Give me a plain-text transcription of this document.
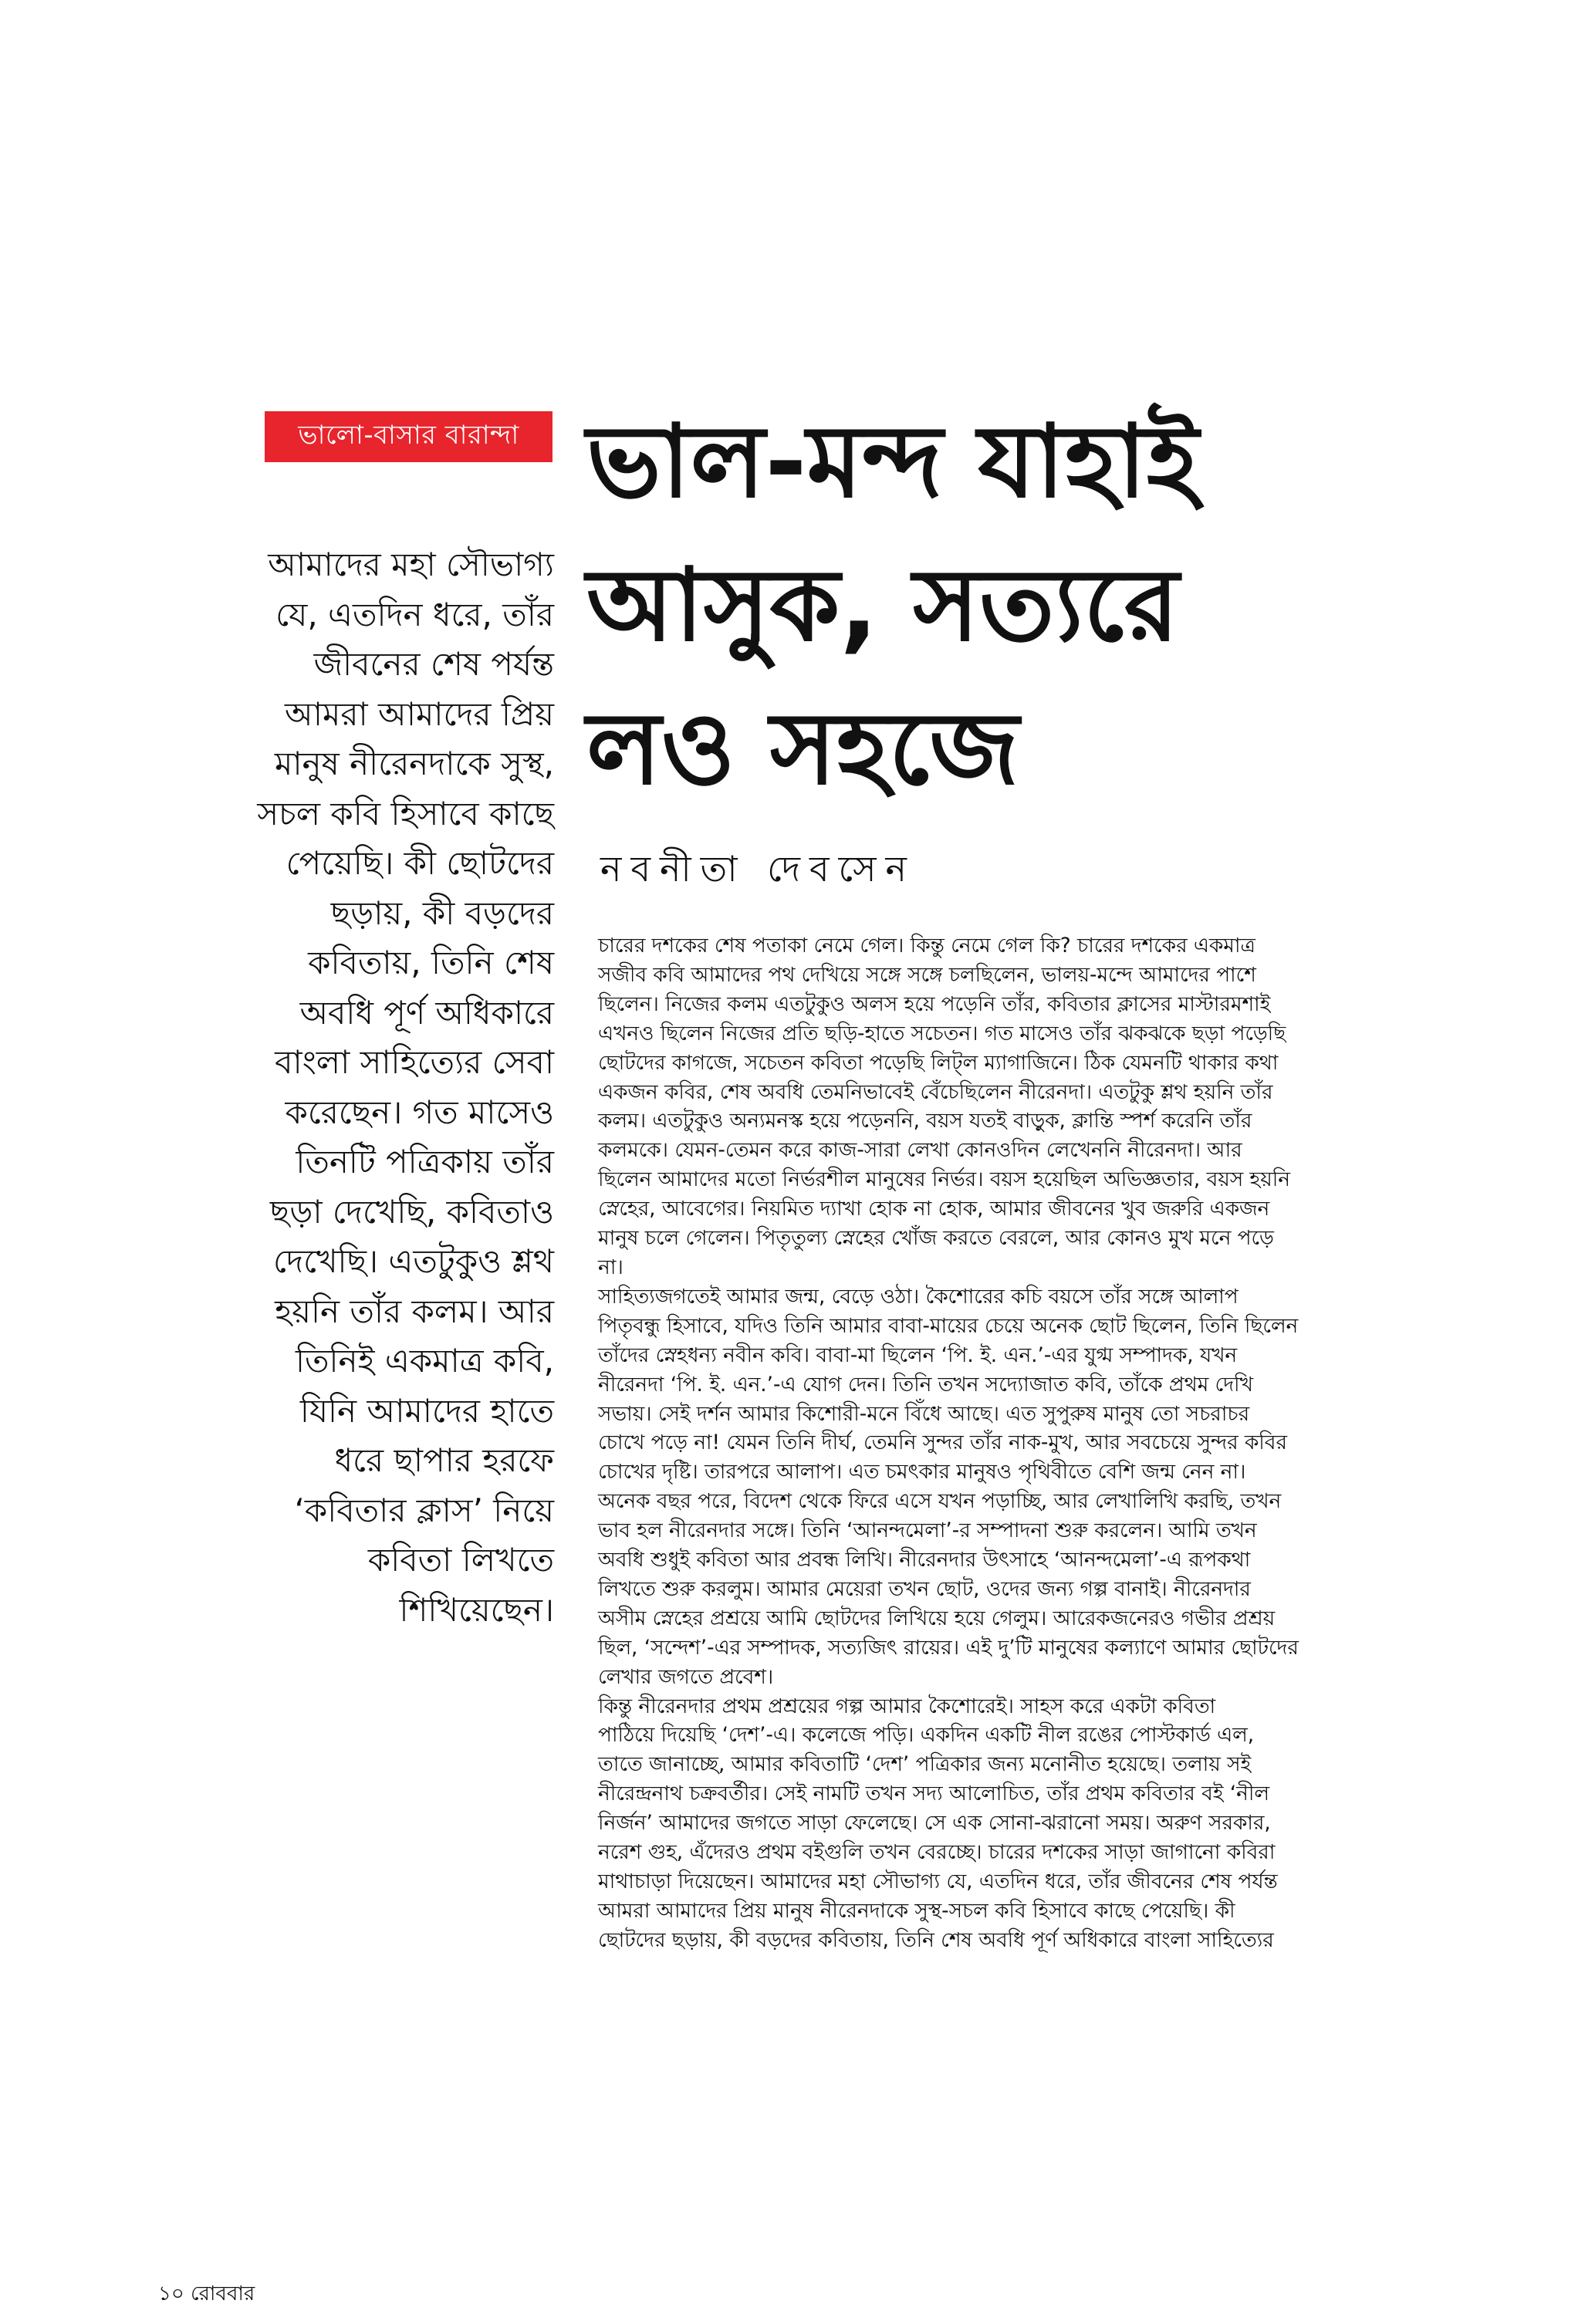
ভালো-বাসার বারান্দা ভাল-মন্দ যাহাই
আসুক, সত্যরে
লও সহজে
নবনীতা দেবসেন
আমাদের মহা সৌভাগ্য
যে, এতদিন ধরে, তাঁর
জীবনের শেষ পর্যন্ত
আমরা আমাদের প্রিয়
মানুষ নীরেনদাকে সুস্থ,
সচল কবি হিসাবে কাছে
পেয়েছি। কী ছোটদের
ছড়ায়, কী বড়দের
কবিতায়, তিনি শেষ
অবধি পূর্ণ অধিকারে
বাংলা সাহিত্যের সেবা
করেছেন। গত মাসেও
তিনটি পত্রিকায় তাঁর
ছড়া দেখেছি, কবিতাও
দেখেছি। এতটুকুও শ্লথ
হয়নি তাঁর কলম। আর
তিনিই একমাত্র কবি,
যিনি আমাদের হাতে
ধরে ছাপার হরফে
‘কবিতার ক্লাস’ নিয়ে
কবিতা লিখতে
শিখিয়েছেন।
চারের দশকের শেষ পতাকা নেমে গেল। কিন্তু নেমে গেল কি? চারের দশকের একমাত্র
সজীব কবি আমাদের পথ দেখিয়ে সঙ্গে সঙ্গে চলছিলেন, ভালয়-মন্দে আমাদের পাশে
ছিলেন। নিজের কলম এতটুকুও অলস হয়ে পড়েনি তাঁর, কবিতার ক্লাসের মাস্টারমশাই
এখনও ছিলেন নিজের প্রতি ছড়ি-হাতে সচেতন। গত মাসেও তাঁর ঝকঝকে ছড়া পড়েছি
ছোটদের কাগজে, সচেতন কবিতা পড়েছি লিট্‌ল ম্যাগাজিনে। ঠিক যেমনটি থাকার কথা
একজন কবির, শেষ অবধি তেমনিভাবেই বেঁচেছিলেন নীরেনদা। এতটুকু শ্লথ হয়নি তাঁর
কলম। এতটুকুও অন্যমনস্ক হয়ে পড়েননি, বয়স যতই বাড়ুক, ক্লান্তি স্পর্শ করেনি তাঁর
কলমকে। যেমন-তেমন করে কাজ-সারা লেখা কোনওদিন লেখেননি নীরেনদা। আর
ছিলেন আমাদের মতো নির্ভরশীল মানুষের নির্ভর। বয়স হয়েছিল অভিজ্ঞতার, বয়স হয়নি
স্নেহের, আবেগের। নিয়মিত দ্যাখা হোক না হোক, আমার জীবনের খুব জরুরি একজন
মানুষ চলে গেলেন। পিতৃতুল্য স্নেহের খোঁজ করতে বেরলে, আর কোনও মুখ মনে পড়ে
না।
সাহিত্যজগতেই আমার জন্ম, বেড়ে ওঠা। কৈশোরের কচি বয়সে তাঁর সঙ্গে আলাপ
পিতৃবন্ধু হিসাবে, যদিও তিনি আমার বাবা-মায়ের চেয়ে অনেক ছোট ছিলেন, তিনি ছিলেন
তাঁদের স্নেহধন্য নবীন কবি। বাবা-মা ছিলেন ‘পি. ই. এন.’-এর যুগ্ম সম্পাদক, যখন
নীরেনদা ‘পি. ই. এন.’-এ যোগ দেন। তিনি তখন সদ্যোজাত কবি, তাঁকে প্রথম দেখি
সভায়। সেই দর্শন আমার কিশোরী-মনে বিঁধে আছে। এত সুপুরুষ মানুষ তো সচরাচর
চোখে পড়ে না! যেমন তিনি দীর্ঘ, তেমনি সুন্দর তাঁর নাক-মুখ, আর সবচেয়ে সুন্দর কবির
চোখের দৃষ্টি। তারপরে আলাপ। এত চমৎকার মানুষও পৃথিবীতে বেশি জন্ম নেন না।
অনেক বছর পরে, বিদেশ থেকে ফিরে এসে যখন পড়াচ্ছি, আর লেখালিখি করছি, তখন
ভাব হল নীরেনদার সঙ্গে। তিনি ‘আনন্দমেলা’-র সম্পাদনা শুরু করলেন। আমি তখন
অবধি শুধুই কবিতা আর প্রবন্ধ লিখি। নীরেনদার উৎসাহে ‘আনন্দমেলা’-এ রূপকথা
লিখতে শুরু করলুম। আমার মেয়েরা তখন ছোট, ওদের জন্য গল্প বানাই। নীরেনদার
অসীম স্নেহের প্রশ্রয়ে আমি ছোটদের লিখিয়ে হয়ে গেলুম। আরেকজনেরও গভীর প্রশ্রয়
ছিল, ‘সন্দেশ’-এর সম্পাদক, সত্যজিৎ রায়ের। এই দু’টি মানুষের কল্যাণে আমার ছোটদের
লেখার জগতে প্রবেশ।
কিন্তু নীরেনদার প্রথম প্রশ্রয়ের গল্প আমার কৈশোরেই। সাহস করে একটা কবিতা
পাঠিয়ে দিয়েছি ‘দেশ’-এ। কলেজে পড়ি। একদিন একটি নীল রঙের পোস্টকার্ড এল,
তাতে জানাচ্ছে, আমার কবিতাটি ‘দেশ’ পত্রিকার জন্য মনোনীত হয়েছে। তলায় সই
নীরেন্দ্রনাথ চক্রবর্তীর। সেই নামটি তখন সদ্য আলোচিত, তাঁর প্রথম কবিতার বই ‘নীল
নির্জন’ আমাদের জগতে সাড়া ফেলেছে। সে এক সোনা-ঝরানো সময়। অরুণ সরকার,
নরেশ গুহ, এঁদেরও প্রথম বইগুলি তখন বেরচ্ছে। চারের দশকের সাড়া জাগানো কবিরা
মাথাচাড়া দিয়েছেন। আমাদের মহা সৌভাগ্য যে, এতদিন ধরে, তাঁর জীবনের শেষ পর্যন্ত
আমরা আমাদের প্রিয় মানুষ নীরেনদাকে সুস্থ-সচল কবি হিসাবে কাছে পেয়েছি। কী
ছোটদের ছড়ায়, কী বড়দের কবিতায়, তিনি শেষ অবধি পূর্ণ অধিকারে বাংলা সাহিত্যের
১০ রোববার
